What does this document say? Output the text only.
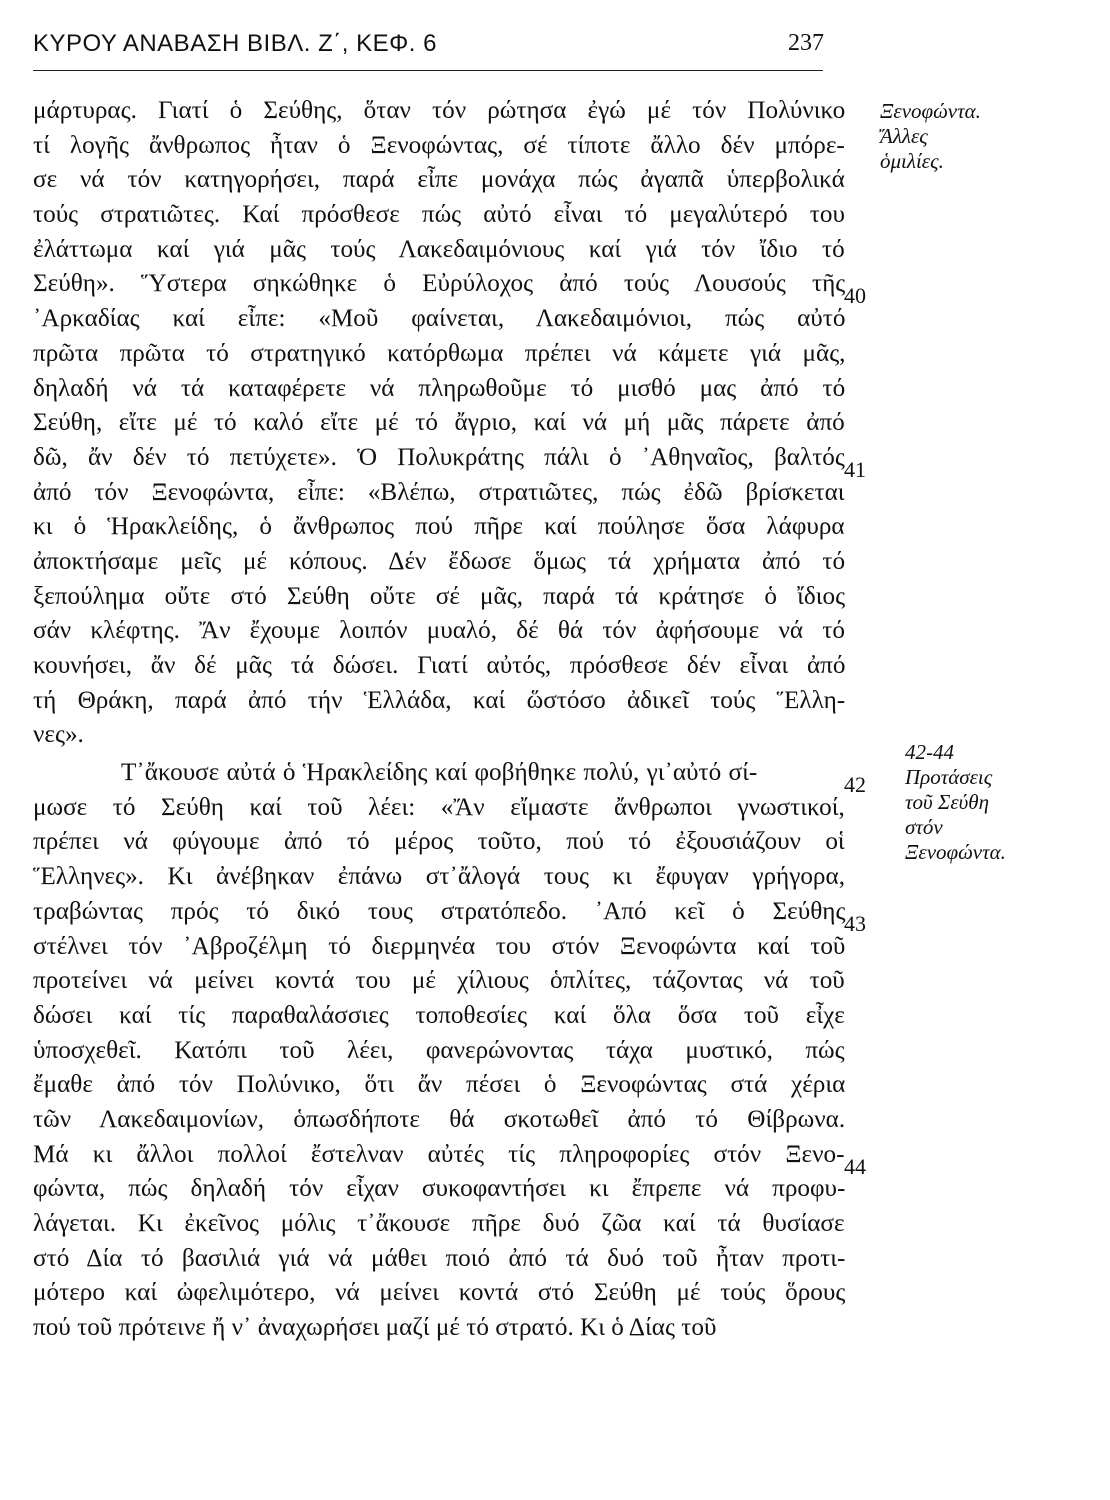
ΚΥΡΟΥ ΑΝΑΒΑΣΗ ΒΙΒΛ. Ζ΄, ΚΕΦ. 6	237
μάρτυρας. Γιατί ὁ Σεύθης, ὅταν τόν ρώτησα ἐγώ μέ τόν Πολύνικο
τί λογῆς ἄνθρωπος ἦταν ὁ Ξενοφώντας, σέ τίποτε ἄλλο δέν μπόρε-
σε νά τόν κατηγορήσει, παρά εἶπε μονάχα πώς ἀγαπᾶ ὑπερβολικά
τούς στρατιῶτες. Καί πρόσθεσε πώς αὐτό εἶναι τό μεγαλύτερό του
ἐλάττωμα καί γιά μᾶς τούς Λακεδαιμόνιους καί γιά τόν ἴδιο τό
Σεύθη». Ὕστερα σηκώθηκε ὁ Εὐρύλοχος ἀπό τούς Λουσούς τῆς
᾿Αρκαδίας καί εἶπε: «Μοῦ φαίνεται, Λακεδαιμόνιοι, πώς αὐτό
πρῶτα πρῶτα τό στρατηγικό κατόρθωμα πρέπει νά κάμετε γιά μᾶς,
δηλαδή νά τά καταφέρετε νά πληρωθοῦμε τό μισθό μας ἀπό τό
Σεύθη, εἴτε μέ τό καλό εἴτε μέ τό ἄγριο, καί νά μή μᾶς πάρετε ἀπό
δῶ, ἄν δέν τό πετύχετε». Ὁ Πολυκράτης πάλι ὁ ᾿Αθηναῖος, βαλτός
ἀπό τόν Ξενοφώντα, εἶπε: «Βλέπω, στρατιῶτες, πώς ἐδῶ βρίσκεται
κι ὁ Ἡρακλείδης, ὁ ἄνθρωπος πού πῆρε καί πούλησε ὅσα λάφυρα
ἀποκτήσαμε μεῖς μέ κόπους. Δέν ἔδωσε ὅμως τά χρήματα ἀπό τό
ξεπούλημα οὔτε στό Σεύθη οὔτε σέ μᾶς, παρά τά κράτησε ὁ ἴδιος
σάν κλέφτης. Ἄν ἔχουμε λοιπόν μυαλό, δέ θά τόν ἀφήσουμε νά τό
κουνήσει, ἄν δέ μᾶς τά δώσει. Γιατί αὐτός, πρόσθεσε δέν εἶναι ἀπό
τή Θράκη, παρά ἀπό τήν Ἑλλάδα, καί ὥστόσο ἀδικεῖ τούς Ἕλλη-
νες».
Τ᾿ἄκουσε αὐτά ὁ Ἡρακλείδης καί φοβήθηκε πολύ, γι᾿αὐτό σί-
μωσε τό Σεύθη καί τοῦ λέει: «Ἄν εἴμαστε ἄνθρωποι γνωστικοί,
πρέπει νά φύγουμε ἀπό τό μέρος τοῦτο, πού τό ἐξουσιάζουν οἱ
Ἕλληνες». Κι ἀνέβηκαν ἐπάνω στ᾿ἄλογά τους κι ἔφυγαν γρήγορα,
τραβώντας πρός τό δικό τους στρατόπεδο. ᾿Από κεῖ ὁ Σεύθης
στέλνει τόν ᾿Αβροζέλμη τό διερμηνέα του στόν Ξενοφώντα καί τοῦ
προτείνει νά μείνει κοντά του μέ χίλιους ὁπλίτες, τάζοντας νά τοῦ
δώσει καί τίς παραθαλάσσιες τοποθεσίες καί ὅλα ὅσα τοῦ εἶχε
ὑποσχεθεῖ. Κατόπι τοῦ λέει, φανερώνοντας τάχα μυστικό, πώς
ἔμαθε ἀπό τόν Πολύνικο, ὅτι ἄν πέσει ὁ Ξενοφώντας στά χέρια
τῶν Λακεδαιμονίων, ὁπωσδήποτε θά σκοτωθεῖ ἀπό τό Θίβρωνα.
Μά κι ἄλλοι πολλοί ἔστελναν αὐτές τίς πληροφορίες στόν Ξενο-
φώντα, πώς δηλαδή τόν εἶχαν συκοφαντήσει κι ἔπρεπε νά προφυ-
λάγεται. Κι ἐκεῖνος μόλις τ᾿ἄκουσε πῆρε δυό ζῶα καί τά θυσίασε
στό Δία τό βασιλιά γιά νά μάθει ποιό ἀπό τά δυό τοῦ ἦταν προτι-
μότερο καί ὠφελιμότερο, νά μείνει κοντά στό Σεύθη μέ τούς ὅρους
πού τοῦ πρότεινε ἤ ν᾿ ἀναχωρήσει μαζί μέ τό στρατό. Κι ὁ Δίας τοῦ
40
41
42
43
44
Ξενοφώντα.
Ἄλλες
ὁμιλίες.
42-44
Προτάσεις
τοῦ Σεύθη
στόν
Ξενοφώντα.
